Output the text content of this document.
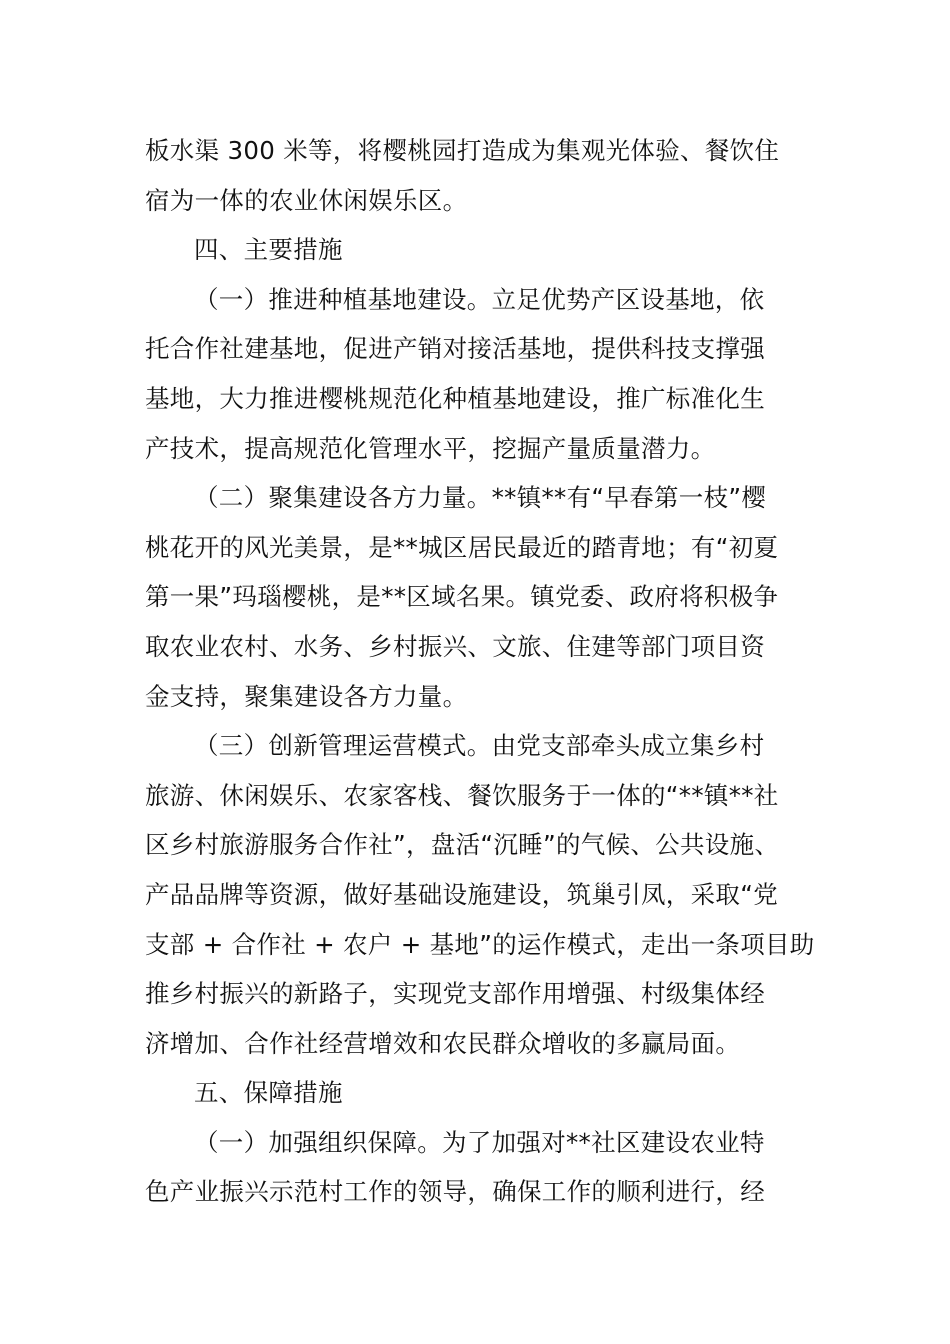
板水渠 300 米等，将樱桃园打造成为集观光体验、餐饮住
宿为一体的农业休闲娱乐区。
四、主要措施
（一）推进种植基地建设。立足优势产区设基地，依
托合作社建基地，促进产销对接活基地，提供科技支撑强
基地，大力推进樱桃规范化种植基地建设，推广标准化生
产技术，提高规范化管理水平，挖掘产量质量潜力。
（二）聚集建设各方力量。**镇**有“早春第一枝”樱
桃花开的风光美景，是**城区居民最近的踏青地；有“初夏
第一果”玛瑙樱桃，是**区域名果。镇党委、政府将积极争
取农业农村、水务、乡村振兴、文旅、住建等部门项目资
金支持，聚集建设各方力量。
（三）创新管理运营模式。由党支部牵头成立集乡村
旅游、休闲娱乐、农家客栈、餐饮服务于一体的“**镇**社
区乡村旅游服务合作社”，盘活“沉睡”的气候、公共设施、
产品品牌等资源，做好基础设施建设，筑巢引凤，采取“党
支部 + 合作社 + 农户 + 基地”的运作模式，走出一条项目助
推乡村振兴的新路子，实现党支部作用增强、村级集体经
济增加、合作社经营增效和农民群众增收的多赢局面。
五、保障措施
（一）加强组织保障。为了加强对**社区建设农业特
色产业振兴示范村工作的领导，确保工作的顺利进行，经
